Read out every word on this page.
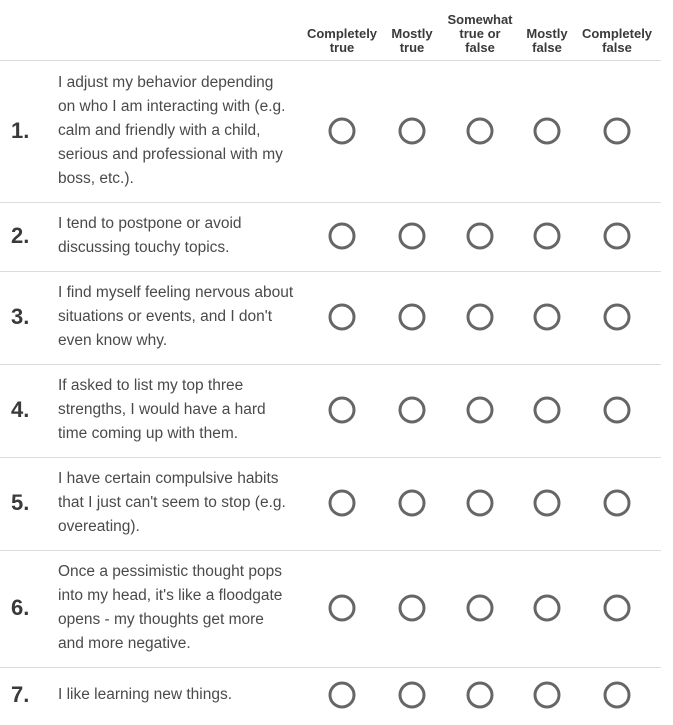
Completely
true
Mostly
true
Somewhat
true or
false
Mostly
false
Completely
false
1.
I adjust my behavior depending on who I am interacting with (e.g. calm and friendly with a child, serious and professional with my boss, etc.).
2. I tend to postpone or avoid discussing touchy topics.
3.
I find myself feeling nervous about situations or events, and I don't even know why.
4.
If asked to list my top three strengths, I would have a hard time coming up with them.
5.
I have certain compulsive habits that I just can't seem to stop (e.g. overeating).
6.
Once a pessimistic thought pops into my head, it's like a floodgate opens - my thoughts get more and more negative.
7. I like learning new things.
